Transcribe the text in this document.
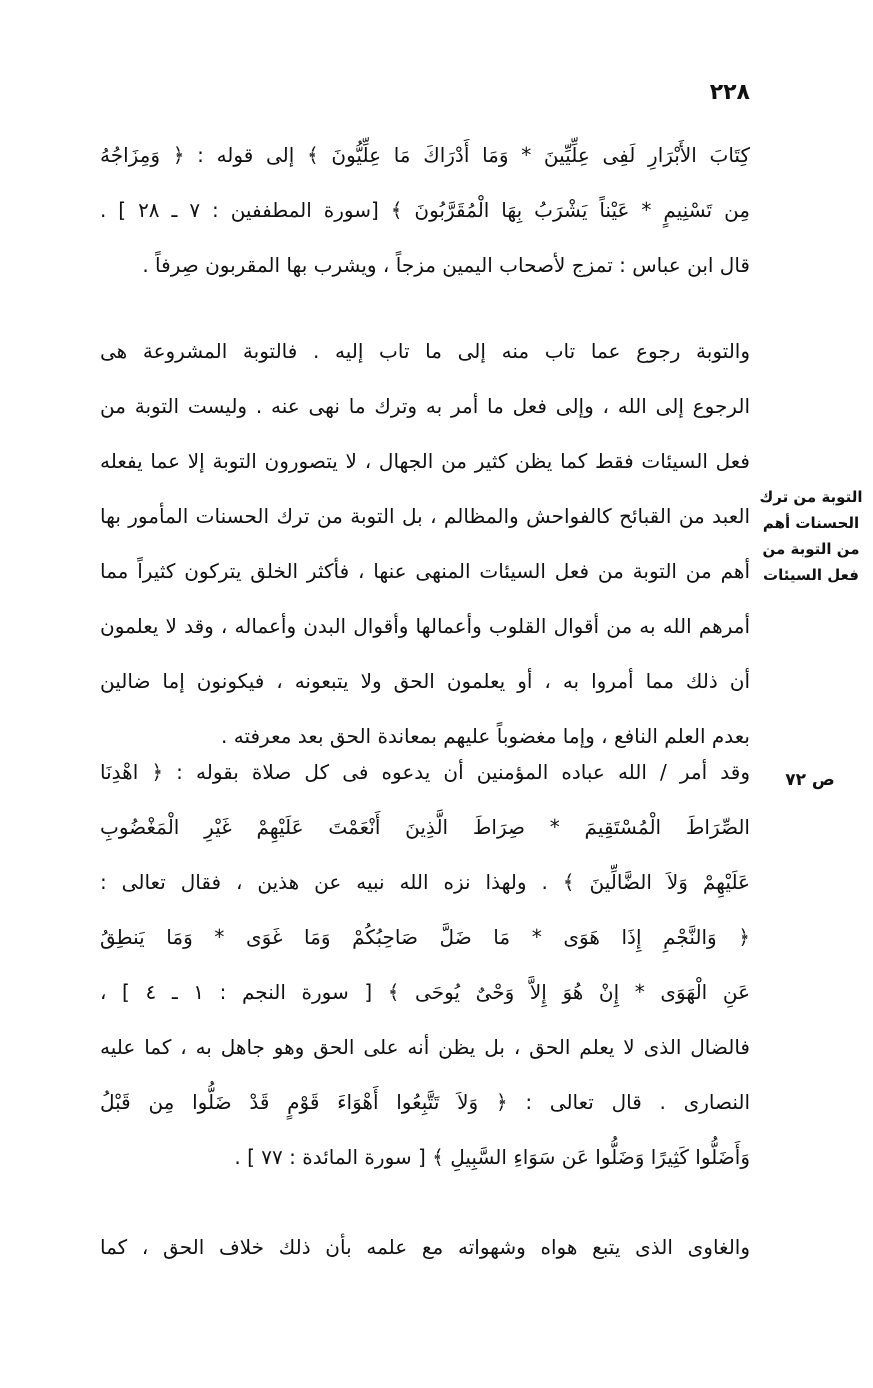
٢٢٨
التوبة من ترك الحسنات أهم من التوبة من فعل السيئات
ص ٧٢
كِتَابَ الأَبْرَارِ لَفِى عِلِّيِّينَ * وَمَا أَدْرَاكَ مَا عِلِّيُّونَ ﴾ إلى قوله : ﴿ وَمِزَاجُهُ
مِن تَسْنِيمٍ * عَيْناً يَشْرَبُ بِهَا الْمُقَرَّبُونَ ﴾ [سورة المطففين : ٧ ـ ٢٨ ] .
قال ابن عباس : تمزج لأصحاب اليمين مزجاً ، ويشرب بها المقربون صِرفاً .
والتوبة رجوع عما تاب منه إلى ما تاب إليه . فالتوبة المشروعة هى
الرجوع إلى الله ، وإلى فعل ما أمر به وترك ما نهى عنه . وليست التوبة من
فعل السيئات فقط كما يظن كثير من الجهال ، لا يتصورون التوبة إلا عما يفعله
العبد من القبائح كالفواحش والمظالم ، بل التوبة من ترك الحسنات المأمور بها
أهم من التوبة من فعل السيئات المنهى عنها ، فأكثر الخلق يتركون كثيراً مما
أمرهم الله به من أقوال القلوب وأعمالها وأقوال البدن وأعماله ، وقد لا يعلمون
أن ذلك مما أمروا به ، أو يعلمون الحق ولا يتبعونه ، فيكونون إما ضالين
بعدم العلم النافع ، وإما مغضوباً عليهم بمعاندة الحق بعد معرفته .
وقد أمر / الله عباده المؤمنين أن يدعوه فى كل صلاة بقوله : ﴿ اهْدِنَا
الصِّرَاطَ الْمُسْتَقِيمَ * صِرَاطَ الَّذِينَ أَنْعَمْتَ عَلَيْهِمْ غَيْرِ الْمَغْضُوبِ
عَلَيْهِمْ وَلاَ الضَّالِّينَ ﴾ . ولهذا نزه الله نبيه عن هذين ، فقال تعالى :
﴿ وَالنَّجْمِ إِذَا هَوَى * مَا ضَلَّ صَاحِبُكُمْ وَمَا غَوَى * وَمَا يَنطِقُ
عَنِ الْهَوَى * إِنْ هُوَ إِلاَّ وَحْىٌ يُوحَى ﴾ [ سورة النجم : ١ ـ ٤ ] ،
فالضال الذى لا يعلم الحق ، بل يظن أنه على الحق وهو جاهل به ، كما عليه
النصارى . قال تعالى : ﴿ وَلاَ تَتَّبِعُوا أَهْوَاءَ قَوْمٍ قَدْ ضَلُّوا مِن قَبْلُ
وَأَضَلُّوا كَثِيرًا وَضَلُّوا عَن سَوَاءِ السَّبِيلِ ﴾ [ سورة المائدة : ٧٧ ] .
والغاوى الذى يتبع هواه وشهواته مع علمه بأن ذلك خلاف الحق ، كما
